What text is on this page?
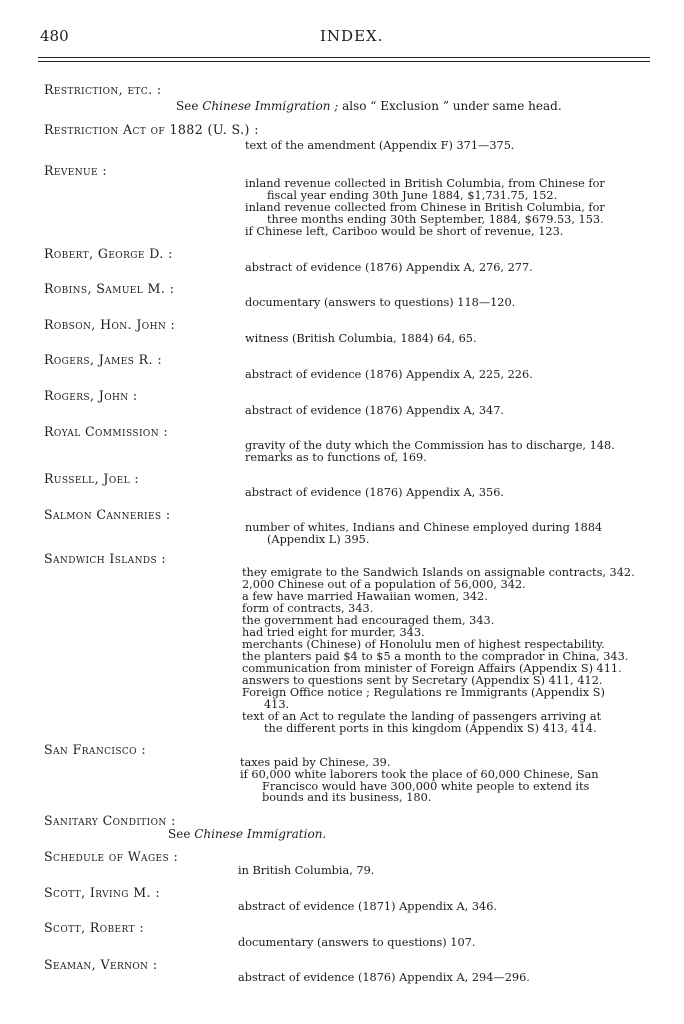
480	INDEX.
Restriction, etc. :
See Chinese Immigration ; also “ Exclusion ” under same head.
Restriction Act of 1882 (U. S.) :
text of the amendment (Appendix F) 371—375.
Revenue :
inland revenue collected in British Columbia, from Chinese for
fiscal year ending 30th June 1884, $1,731.75, 152.
inland revenue collected from Chinese in British Columbia, for
three months ending 30th September, 1884, $679.53, 153.
if Chinese left, Cariboo would be short of revenue, 123.
Robert, George D. :
abstract of evidence (1876) Appendix A, 276, 277.
Robins, Samuel M. :
documentary (answers to questions) 118—120.
Robson, Hon. John :
witness (British Columbia, 1884) 64, 65.
Rogers, James R. :
abstract of evidence (1876) Appendix A, 225, 226.
Rogers, John :
abstract of evidence (1876) Appendix A, 347.
Royal Commission :
gravity of the duty which the Commission has to discharge, 148.
remarks as to functions of, 169.
Russell, Joel :
abstract of evidence (1876) Appendix A, 356.
Salmon Canneries :
number of whites, Indians and Chinese employed during 1884
(Appendix L) 395.
Sandwich Islands :
they emigrate to the Sandwich Islands on assignable contracts, 342.
2,000 Chinese out of a population of 56,000, 342.
a few have married Hawaiian women, 342.
form of contracts, 343.
the government had encouraged them, 343.
had tried eight for murder, 343.
merchants (Chinese) of Honolulu men of highest respectability.
the planters paid $4 to $5 a month to the comprador in China, 343.
communication from minister of Foreign Affairs (Appendix S) 411.
answers to questions sent by Secretary (Appendix S) 411, 412.
Foreign Office notice ; Regulations re Immigrants (Appendix S)
413.
text of an Act to regulate the landing of passengers arriving at
the different ports in this kingdom (Appendix S) 413, 414.
San Francisco :
taxes paid by Chinese, 39.
if 60,000 white laborers took the place of 60,000 Chinese, San
Francisco would have 300,000 white people to extend its
bounds and its business, 180.
Sanitary Condition :
See Chinese Immigration.
Schedule of Wages :
in British Columbia, 79.
Scott, Irving M. :
abstract of evidence (1871) Appendix A, 346.
Scott, Robert :
documentary (answers to questions) 107.
Seaman, Vernon :
abstract of evidence (1876) Appendix A, 294—296.
